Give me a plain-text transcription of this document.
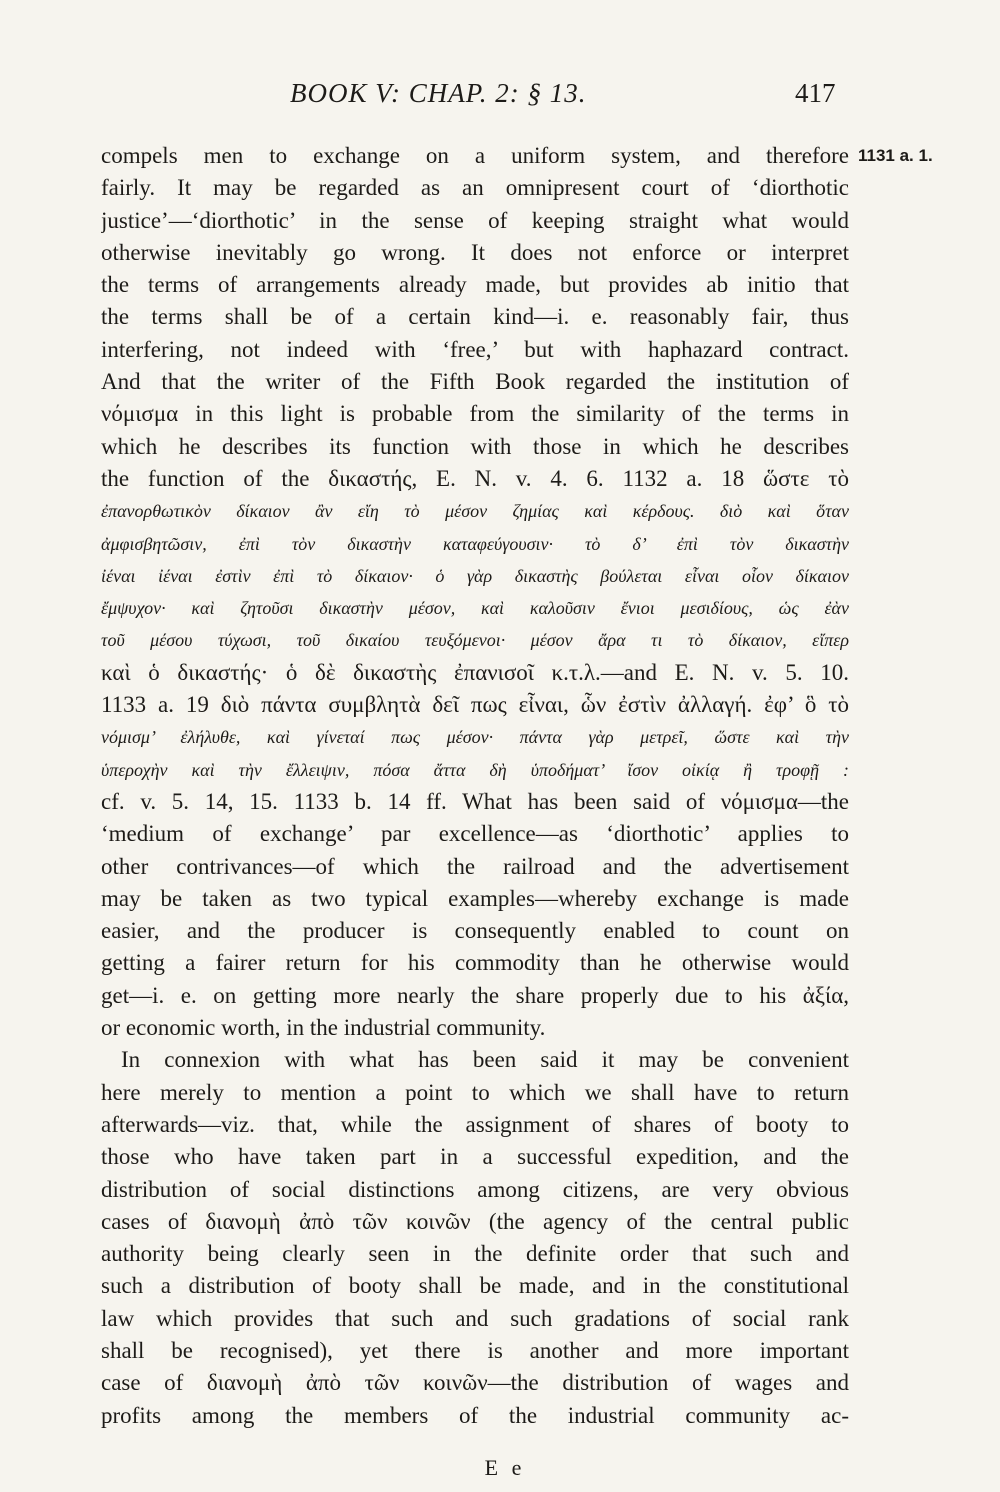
BOOK V: CHAP. 2: § 13.	417
1131 a. 1.
compels men to exchange on a uniform system, and therefore
fairly. It may be regarded as an omnipresent court of ‘diorthotic
justice’—‘diorthotic’ in the sense of keeping straight what would
otherwise inevitably go wrong. It does not enforce or interpret
the terms of arrangements already made, but provides ab initio that
the terms shall be of a certain kind—i. e. reasonably fair, thus
interfering, not indeed with ‘free,’ but with haphazard contract.
And that the writer of the Fifth Book regarded the institution of
νόμισμα in this light is probable from the similarity of the terms in
which he describes its function with those in which he describes
the function of the δικαστής, E. N. v. 4. 6. 1132 a. 18 ὥστε τὸ
ἐπανορθωτικὸν δίκαιον ἂν εἴη τὸ μέσον ζημίας καὶ κέρδους. διὸ καὶ ὅταν
ἀμφισβητῶσιν, ἐπὶ τὸν δικαστὴν καταφεύγουσιν· τὸ δ’ ἐπὶ τὸν δικαστὴν
ἰέναι ἰέναι ἐστὶν ἐπὶ τὸ δίκαιον· ὁ γὰρ δικαστὴς βούλεται εἶναι οἷον δίκαιον
ἔμψυχον· καὶ ζητοῦσι δικαστὴν μέσον, καὶ καλοῦσιν ἔνιοι μεσιδίους, ὡς ἐὰν
τοῦ μέσου τύχωσι, τοῦ δικαίου τευξόμενοι· μέσον ἄρα τι τὸ δίκαιον, εἴπερ
καὶ ὁ δικαστής· ὁ δὲ δικαστὴς ἐπανισοῖ κ.τ.λ.—and E. N. v. 5. 10.
1133 a. 19 διὸ πάντα συμβλητὰ δεῖ πως εἶναι, ὧν ἐστὶν ἀλλαγή. ἐφ’ ὃ τὸ
νόμισμ’ ἐλήλυθε, καὶ γίνεταί πως μέσον· πάντα γὰρ μετρεῖ, ὥστε καὶ τὴν
ὑπεροχὴν καὶ τὴν ἔλλειψιν, πόσα ἄττα δὴ ὑποδήματ’ ἴσον οἰκίᾳ ἢ τροφῇ :
cf. v. 5. 14, 15. 1133 b. 14 ff. What has been said of νόμισμα—the
‘medium of exchange’ par excellence—as ‘diorthotic’ applies to
other contrivances—of which the railroad and the advertisement
may be taken as two typical examples—whereby exchange is made
easier, and the producer is consequently enabled to count on
getting a fairer return for his commodity than he otherwise would
get—i. e. on getting more nearly the share properly due to his ἀξία,
or economic worth, in the industrial community.
In connexion with what has been said it may be convenient
here merely to mention a point to which we shall have to return
afterwards—viz. that, while the assignment of shares of booty to
those who have taken part in a successful expedition, and the
distribution of social distinctions among citizens, are very obvious
cases of διανομὴ ἀπὸ τῶν κοινῶν (the agency of the central public
authority being clearly seen in the definite order that such and
such a distribution of booty shall be made, and in the constitutional
law which provides that such and such gradations of social rank
shall be recognised), yet there is another and more important
case of διανομὴ ἀπὸ τῶν κοινῶν—the distribution of wages and
profits among the members of the industrial community ac-
E e
